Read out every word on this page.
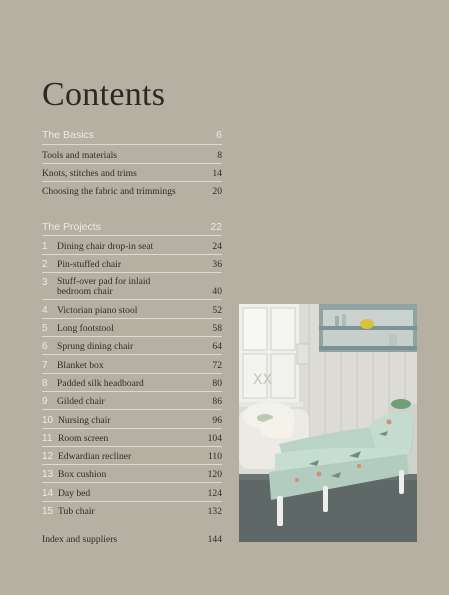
Contents
The Basics	6
Tools and materials	8
Knots, stitches and trims	14
Choosing the fabric and trimmings	20
The Projects	22
1 Dining chair drop-in seat	24
2 Pin-stuffed chair	36
3 Stuff-over pad for inlaid
bedroom chair	40
4 Victorian piano stool	52
5 Long footstool	58
6 Sprung dining chair	64
7 Blanket box	72
8 Padded silk headboard	80
9 Gilded chair	86
10 Nursing chair	96
11 Room screen	104
12 Edwardian recliner	110
13 Box cushion	120
14 Day bed	124
15 Tub chair	132
Index and suppliers	144
XX
